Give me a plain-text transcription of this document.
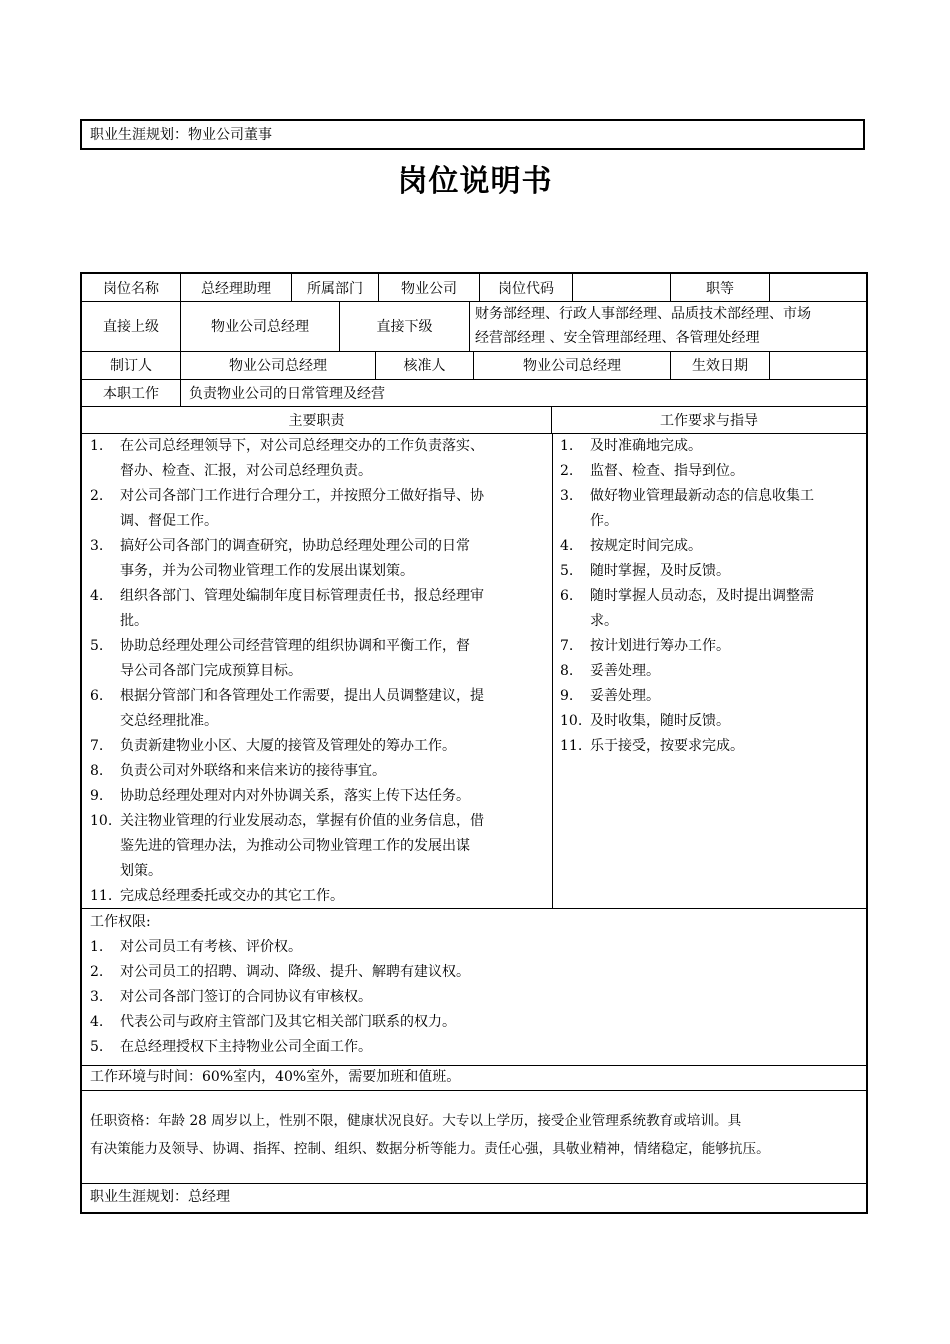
职业生涯规划：物业公司董事
岗位说明书
岗位名称	总经理助理	所属部门	物业公司	岗位代码	职等
直接上级	物业公司总经理	直接下级
财务部经理、行政人事部经理、品质技术部经理、市场
经营部经理 、安全管理部经理、各管理处经理
制订人	物业公司总经理	核准人	物业公司总经理	生效日期
本职工作	负责物业公司的日常管理及经营
主要职责	工作要求与指导
1. 在公司总经理领导下，对公司总经理交办的工作负责落实、
督办、检查、汇报，对公司总经理负责。
2. 对公司各部门工作进行合理分工，并按照分工做好指导、协
调、督促工作。
3. 搞好公司各部门的调查研究，协助总经理处理公司的日常
事务，并为公司物业管理工作的发展出谋划策。
4. 组织各部门、管理处编制年度目标管理责任书，报总经理审
批。
5. 协助总经理处理公司经营管理的组织协调和平衡工作，督
导公司各部门完成预算目标。
6. 根据分管部门和各管理处工作需要，提出人员调整建议，提
交总经理批准。
7. 负责新建物业小区、大厦的接管及管理处的筹办工作。
8. 负责公司对外联络和来信来访的接待事宜。
9. 协助总经理处理对内对外协调关系，落实上传下达任务。
10. 关注物业管理的行业发展动态，掌握有价值的业务信息，借
鉴先进的管理办法，为推动公司物业管理工作的发展出谋
划策。
11. 完成总经理委托或交办的其它工作。
1. 及时准确地完成。
2. 监督、检查、指导到位。
3. 做好物业管理最新动态的信息收集工
作。
4. 按规定时间完成。
5. 随时掌握，及时反馈。
6. 随时掌握人员动态，及时提出调整需
求。
7. 按计划进行筹办工作。
8. 妥善处理。
9. 妥善处理。
10. 及时收集，随时反馈。
11. 乐于接受，按要求完成。
工作权限:
1. 对公司员工有考核、评价权。
2. 对公司员工的招聘、调动、降级、提升、解聘有建议权。
3. 对公司各部门签订的合同协议有审核权。
4. 代表公司与政府主管部门及其它相关部门联系的权力。
5. 在总经理授权下主持物业公司全面工作。
工作环境与时间：60%室内，40%室外，需要加班和值班。
任职资格：年龄 28 周岁以上，性别不限，健康状况良好。大专以上学历，接受企业管理系统教育或培训。具
有决策能力及领导、协调、指挥、控制、组织、数据分析等能力。责任心强，具敬业精神，情绪稳定，能够抗压。
职业生涯规划：总经理
